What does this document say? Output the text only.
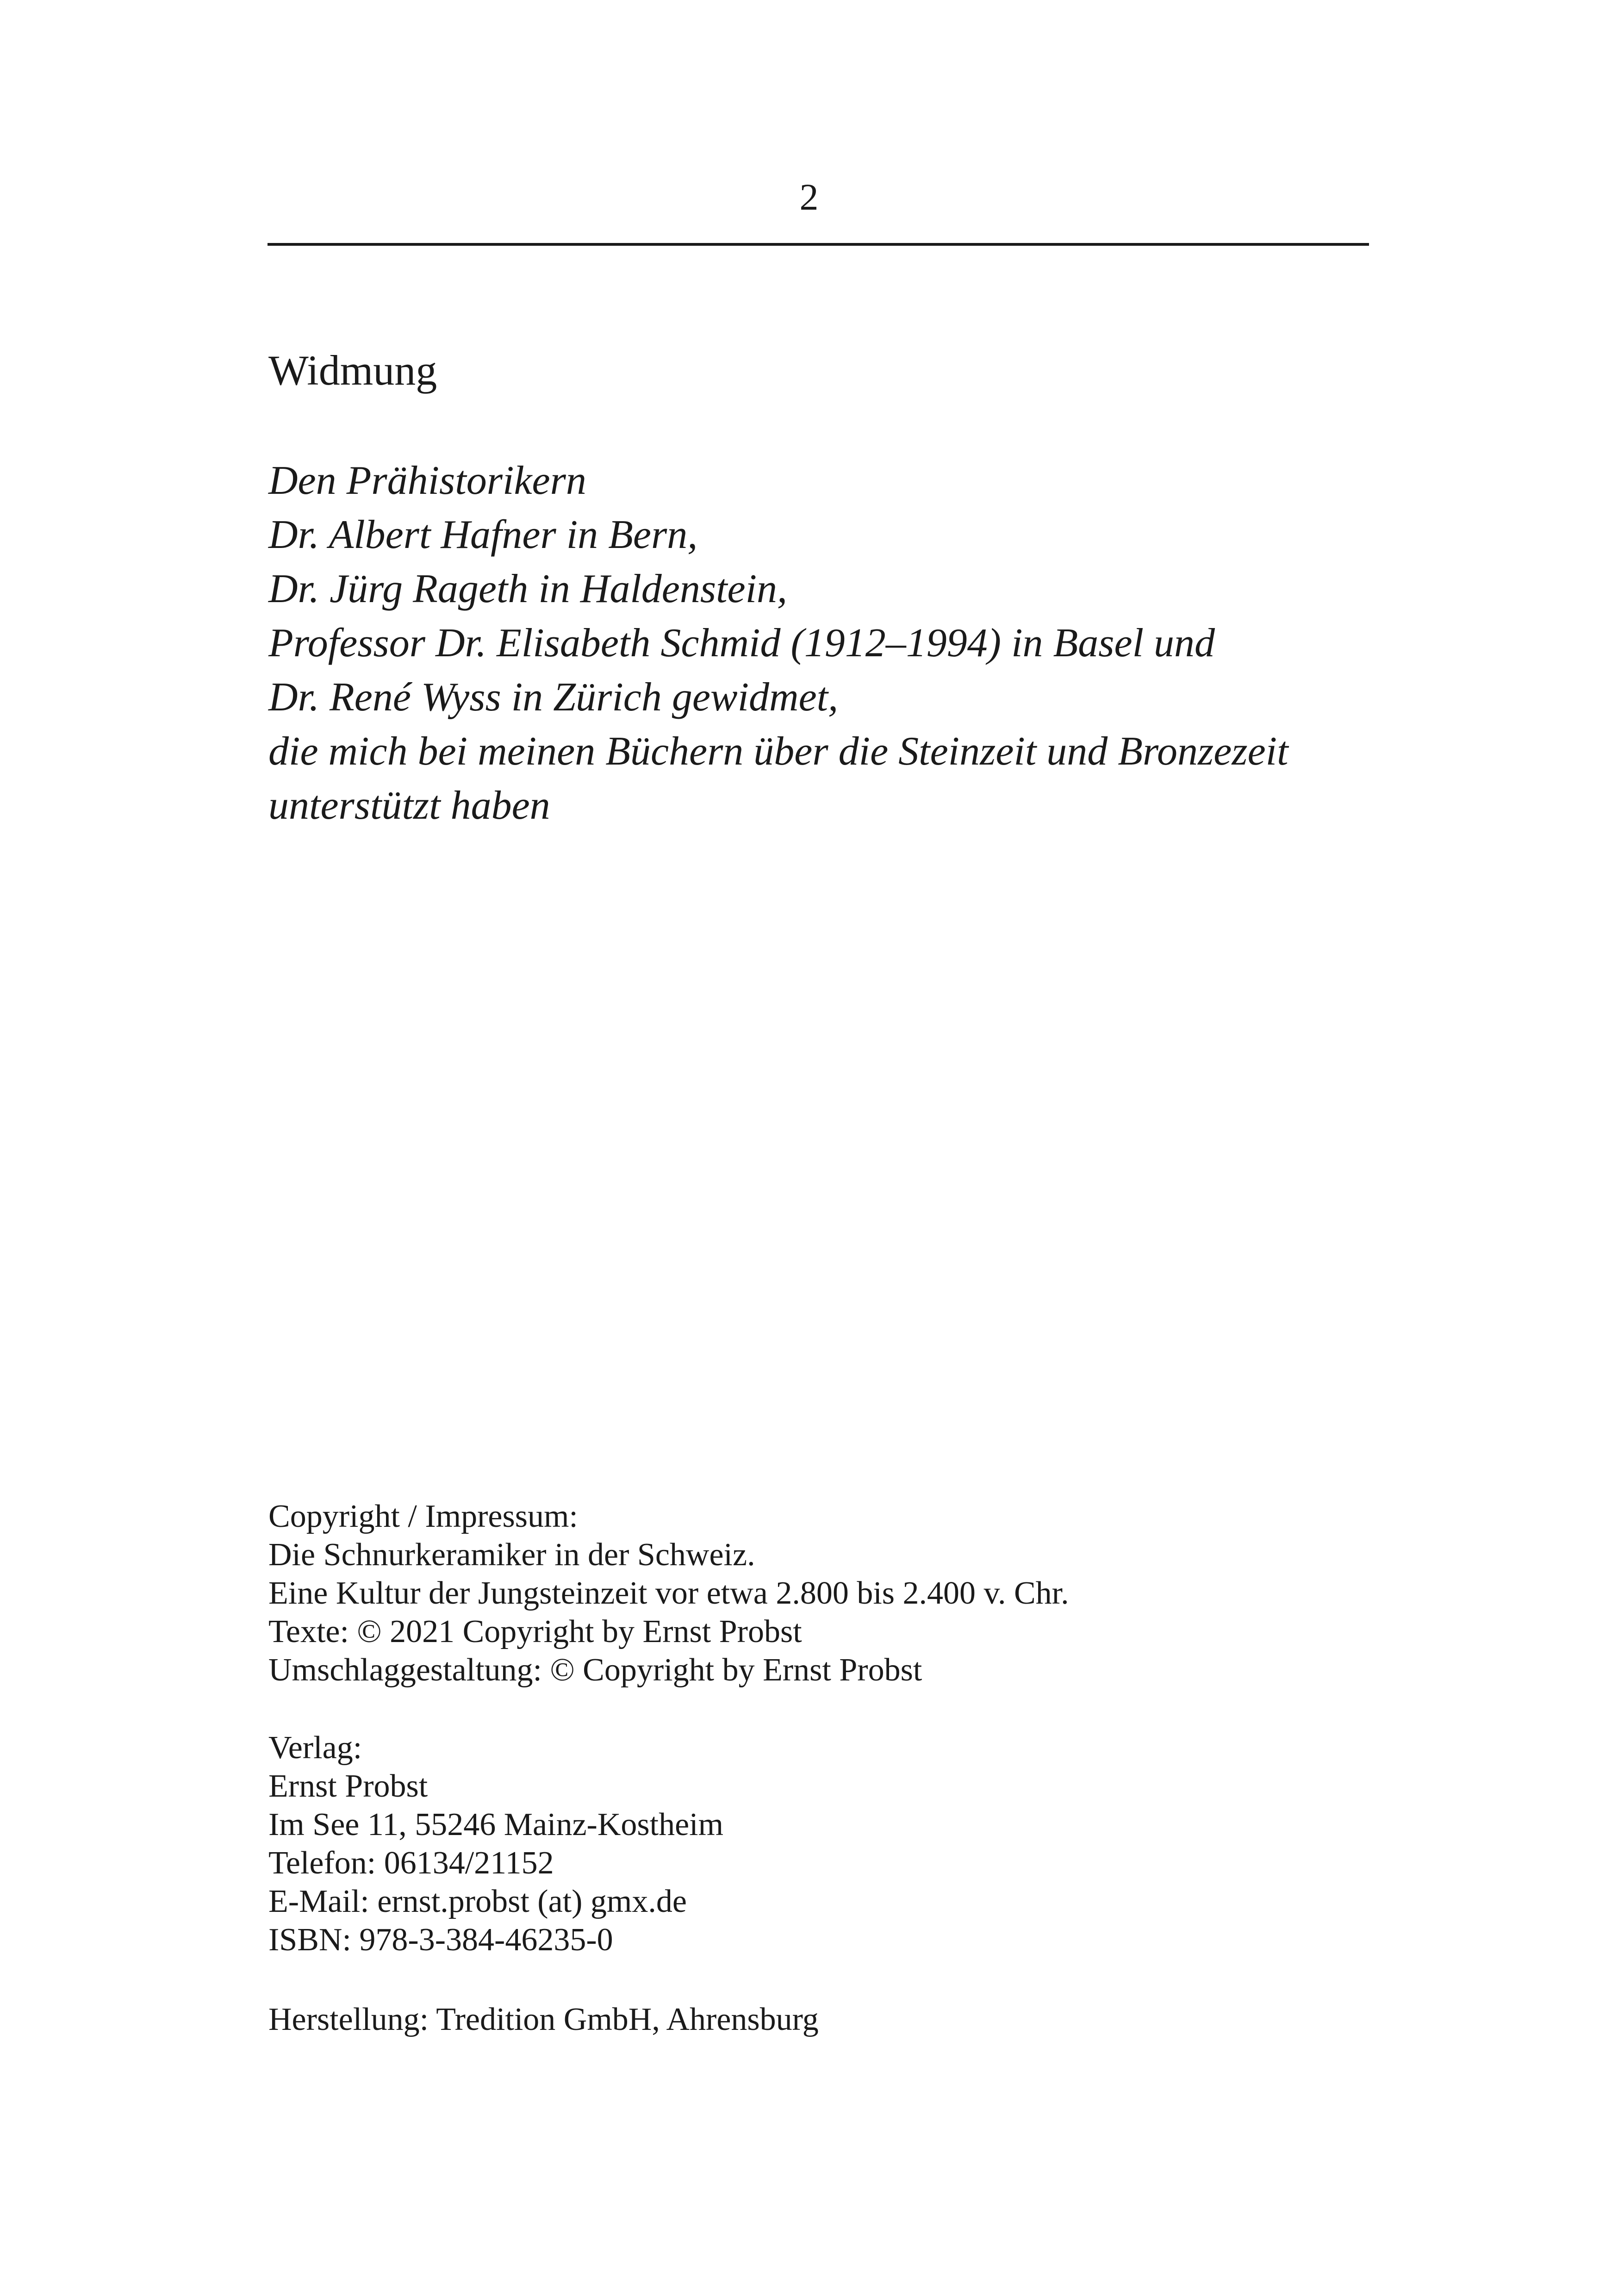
2

Widmung
Den Prähistorikern
Dr. Albert Hafner in Bern,
Dr. Jürg Rageth in Haldenstein,
Professor Dr. Elisabeth Schmid (1912–1994) in Basel und
Dr. René Wyss in Zürich gewidmet,
die mich bei meinen Büchern über die Steinzeit und Bronzezeit
unterstützt haben
Copyright / Impressum:
Die Schnurkeramiker in der Schweiz.
Eine Kultur der Jungsteinzeit vor etwa 2.800 bis 2.400 v. Chr.
Texte: © 2021 Copyright by Ernst Probst
Umschlaggestaltung: © Copyright by Ernst Probst
Verlag:
Ernst Probst
Im See 11, 55246 Mainz-Kostheim
Telefon: 06134/21152
E-Mail: ernst.probst (at) gmx.de
ISBN: 978-3-384-46235-0
Herstellung: Tredition GmbH, Ahrensburg
